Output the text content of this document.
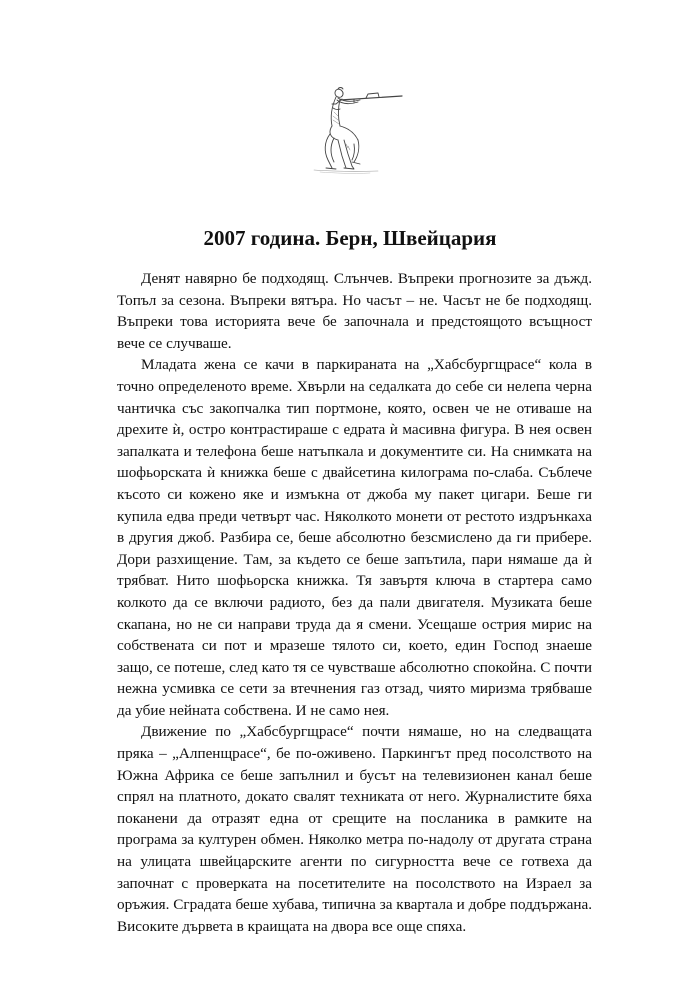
2007 година. Берн, Швейцария

Денят навярно бе подходящ. Слънчев. Въпреки прогнозите за дъжд. Топъл за сезона. Въпреки вятъра. Но часът – не. Часът не бе подходящ. Въпреки това историята вече бе започнала и предстоящото всъщност вече се случваше.

Младата жена се качи в паркираната на „Хабсбургщрасе“ кола в точно определеното време. Хвърли на седалката до себе си нелепа черна чантичка със закопчалка тип портмоне, която, освен че не отиваше на дрехите ѝ, остро контрастираше с едрата ѝ масивна фигура. В нея освен запалката и телефона беше натъпкала и документите си. На снимката на шофьорската ѝ книжка беше с двайсетина килограма по-слаба. Съблече късото си кожено яке и измъкна от джоба му пакет цигари. Беше ги купила едва преди четвърт час. Няколкото монети от рестото издрънкаха в другия джоб. Разбира се, беше абсолютно безсмислено да ги прибере. Дори разхищение. Там, за където се беше запътила, пари нямаше да ѝ трябват. Нито шофьорска книжка. Тя завъртя ключа в стартера само колкото да се включи радиото, без да пали двигателя. Музиката беше скапана, но не си направи труда да я смени. Усещаше острия мирис на собствената си пот и мразеше тялото си, което, един Господ знаеше защо, се потеше, след като тя се чувстваше абсолютно спокойна. С почти нежна усмивка се сети за втечнения газ отзад, чиято миризма трябваше да убие нейната собствена. И не само нея.

Движение по „Хабсбургщрасе“ почти нямаше, но на следващата пряка – „Алпенщрасе“, бе по-оживено. Паркингът пред посолството на Южна Африка се беше запълнил и бусът на телевизионен канал беше спрял на платното, докато свалят техниката от него. Журналистите бяха поканени да отразят една от срещите на посланика в рамките на програма за културен обмен. Няколко метра по-надолу от другата страна на улицата швейцарските агенти по сигурността вече се готвеха да започнат с проверката на посетителите на посолството на Израел за оръжия. Сградата беше хубава, типична за квартала и добре поддържана. Високите дървета в краищата на двора все още спяха.
